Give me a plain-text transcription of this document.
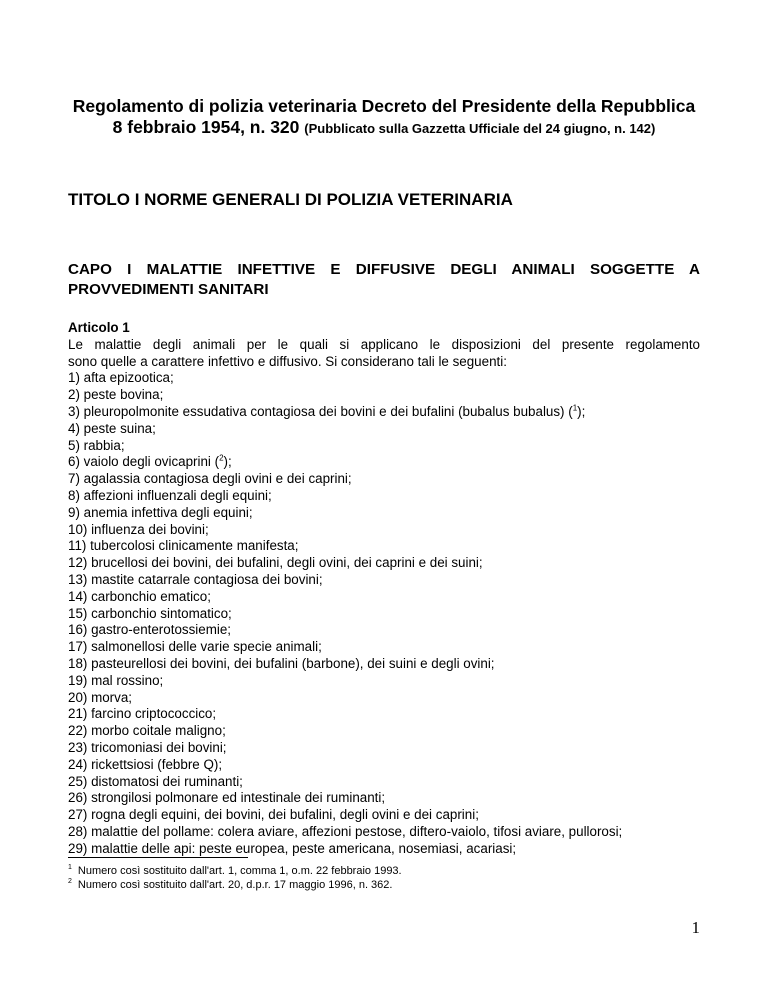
Regolamento di polizia veterinaria Decreto del Presidente della Repubblica
8 febbraio 1954, n. 320 (Pubblicato sulla Gazzetta Ufficiale del 24 giugno, n. 142)
TITOLO I NORME GENERALI DI POLIZIA VETERINARIA
CAPO I MALATTIE INFETTIVE E DIFFUSIVE DEGLI ANIMALI SOGGETTE A
PROVVEDIMENTI SANITARI
Articolo 1
Le malattie degli animali per le quali si applicano le disposizioni del presente regolamento
sono quelle a carattere infettivo e diffusivo. Si considerano tali le seguenti:
1) afta epizootica;
2) peste bovina;
3) pleuropolmonite essudativa contagiosa dei bovini e dei bufalini (bubalus bubalus) ($^1$);
4) peste suina;
5) rabbia;
6) vaiolo degli ovicaprini ($^2$);
7) agalassia contagiosa degli ovini e dei caprini;
8) affezioni influenzali degli equini;
9) anemia infettiva degli equini;
10) influenza dei bovini;
11) tubercolosi clinicamente manifesta;
12) brucellosi dei bovini, dei bufalini, degli ovini, dei caprini e dei suini;
13) mastite catarrale contagiosa dei bovini;
14) carbonchio ematico;
15) carbonchio sintomatico;
16) gastro-enterotossiemie;
17) salmonellosi delle varie specie animali;
18) pasteurellosi dei bovini, dei bufalini (barbone), dei suini e degli ovini;
19) mal rossino;
20) morva;
21) farcino criptococcico;
22) morbo coitale maligno;
23) tricomoniasi dei bovini;
24) rickettsiosi (febbre Q);
25) distomatosi dei ruminanti;
26) strongilosi polmonare ed intestinale dei ruminanti;
27) rogna degli equini, dei bovini, dei bufalini, degli ovini e dei caprini;
28) malattie del pollame: colera aviare, affezioni pestose, diftero-vaiolo, tifosi aviare, pullorosi;
29) malattie delle api: peste europea, peste americana, nosemiasi, acariasi;
$^1$ Numero così sostituito dall'art. 1, comma 1, o.m. 22 febbraio 1993.
$^2$ Numero così sostituito dall'art. 20, d.p.r. 17 maggio 1996, n. 362.
1
